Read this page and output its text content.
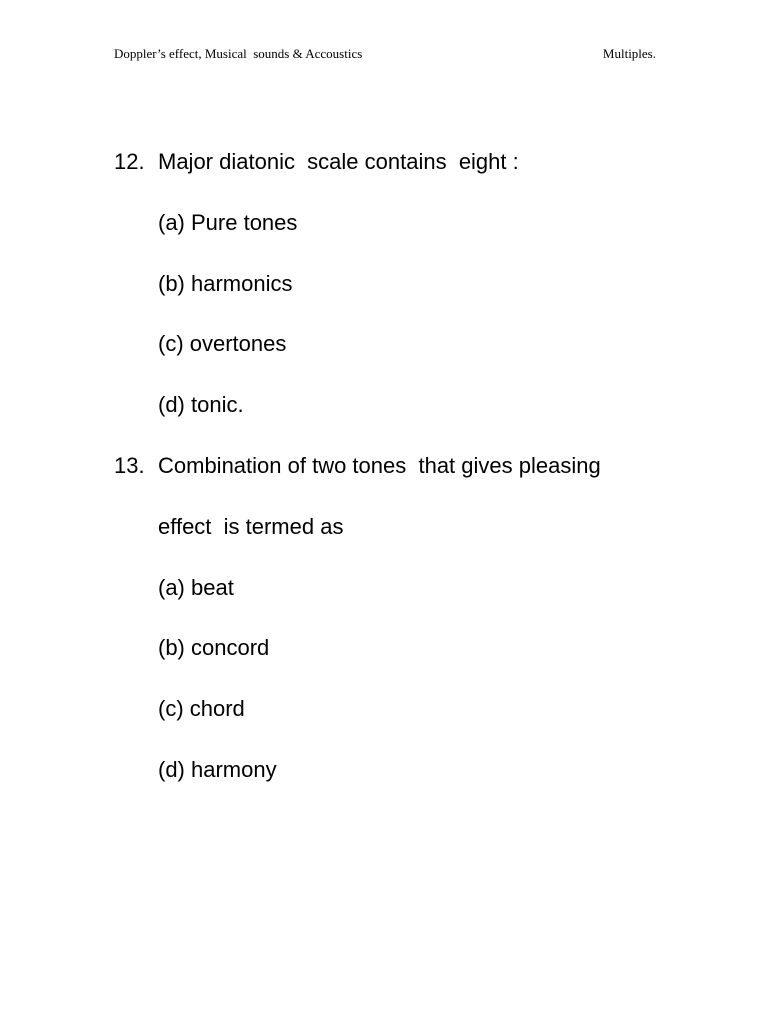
Doppler’s effect, Musical  sounds & Accoustics	Multiples.
12. Major diatonic  scale contains  eight :
(a) Pure tones
(b) harmonics
(c) overtones
(d) tonic.
13. Combination of two tones  that gives pleasing
effect  is termed as
(a) beat
(b) concord
(c) chord
(d) harmony
